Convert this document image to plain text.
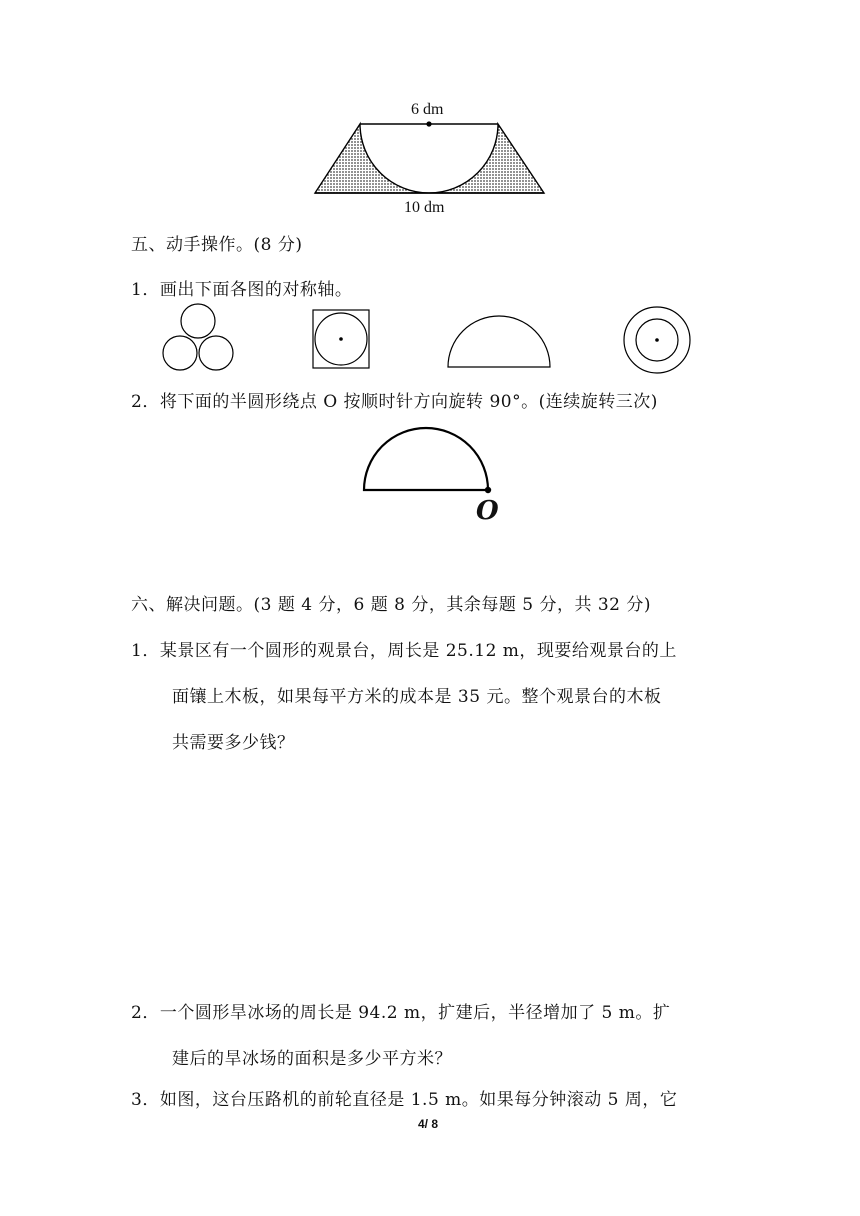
6 dm
10 dm
五、动手操作。(8 分)
1．画出下面各图的对称轴。
2．将下面的半圆形绕点 O 按顺时针方向旋转 90°。(连续旋转三次)
O
六、解决问题。(3 题 4 分，6 题 8 分，其余每题 5 分，共 32 分)
1．某景区有一个圆形的观景台，周长是 25.12 m，现要给观景台的上
面镶上木板，如果每平方米的成本是 35 元。整个观景台的木板
共需要多少钱？
2．一个圆形旱冰场的周长是 94.2 m，扩建后，半径增加了 5 m。扩
建后的旱冰场的面积是多少平方米？
3．如图，这台压路机的前轮直径是 1.5 m。如果每分钟滚动 5 周，它
4/ 8
